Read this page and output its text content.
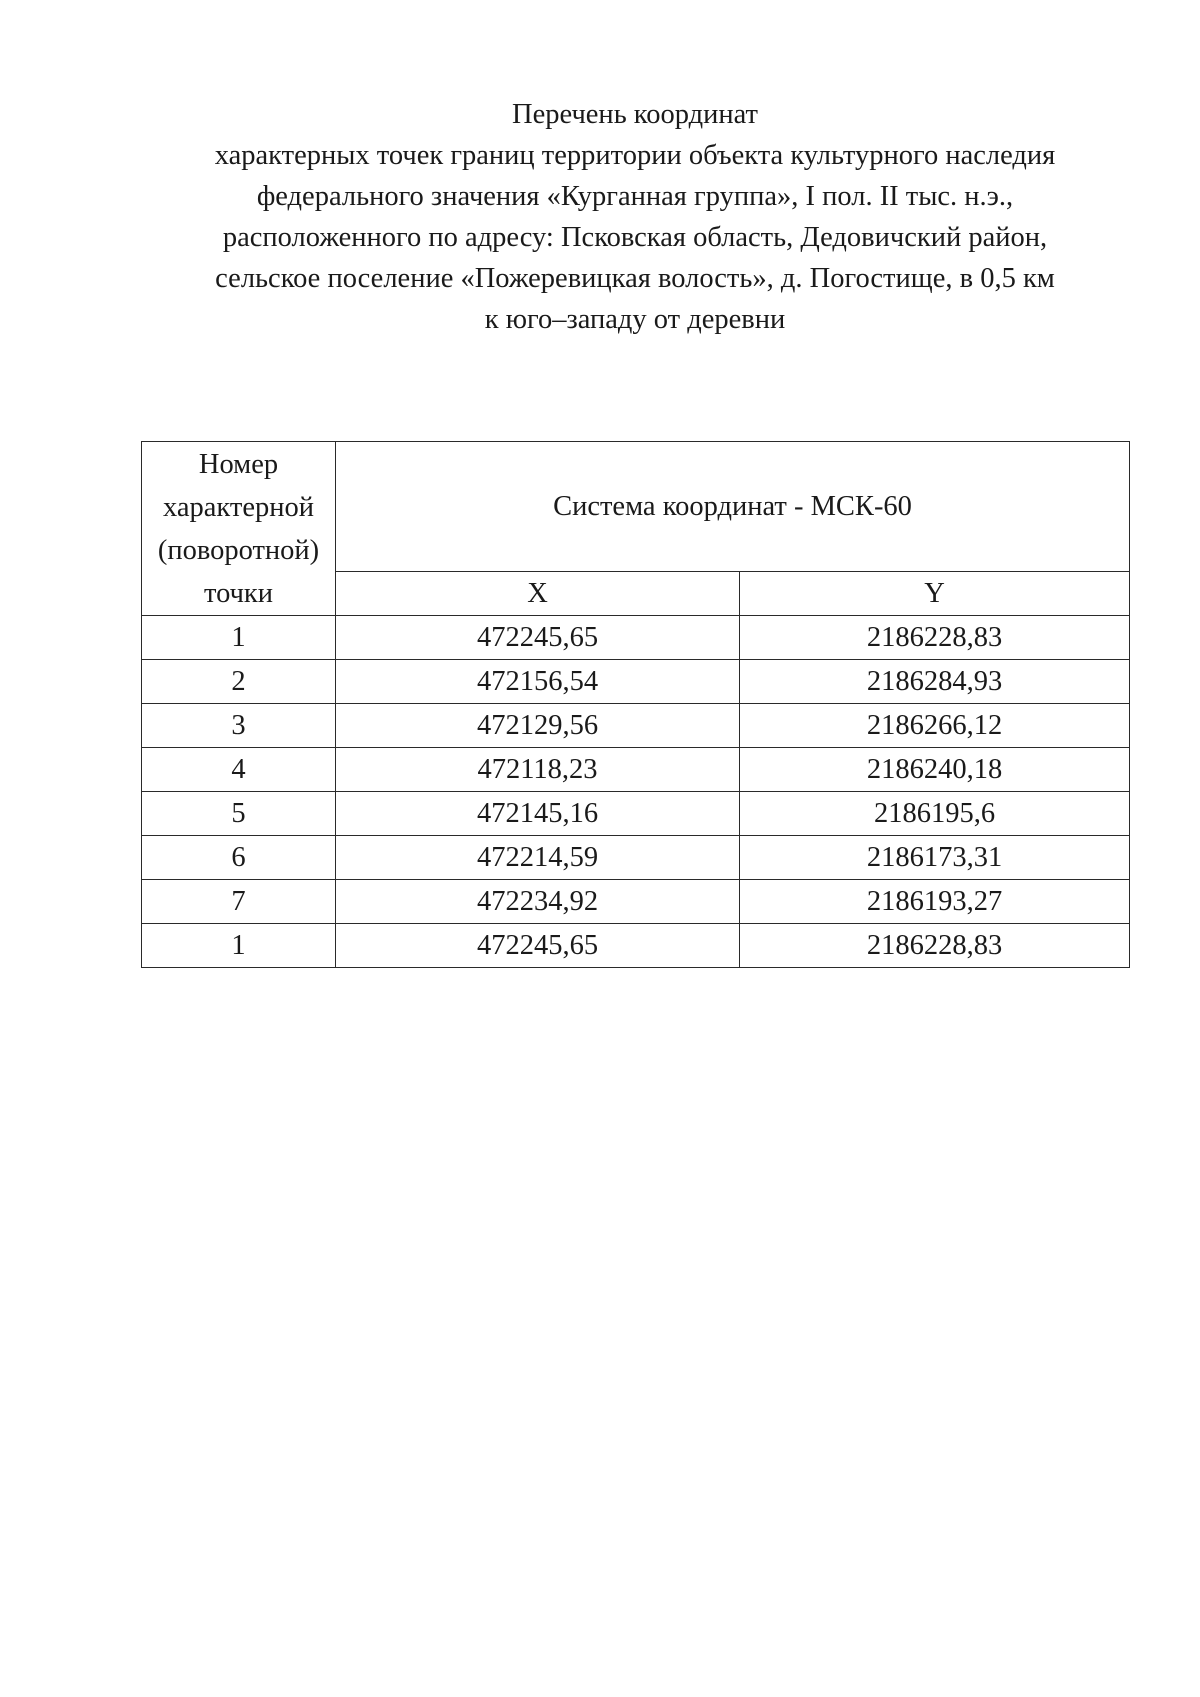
Перечень координат
характерных точек границ территории объекта культурного наследия
федерального значения «Курганная группа», I пол. II тыс. н.э.,
расположенного по адресу: Псковская область, Дедовичский район,
сельское поселение «Пожеревицкая волость», д. Погостище, в 0,5 км
к юго–западу от деревни
Номер
характерной
(поворотной)
точки	Система координат - МСК-60	
	X	Y
1	472245,65	2186228,83
2	472156,54	2186284,93
3	472129,56	2186266,12
4	472118,23	2186240,18
5	472145,16	2186195,6
6	472214,59	2186173,31
7	472234,92	2186193,27
1	472245,65	2186228,83
